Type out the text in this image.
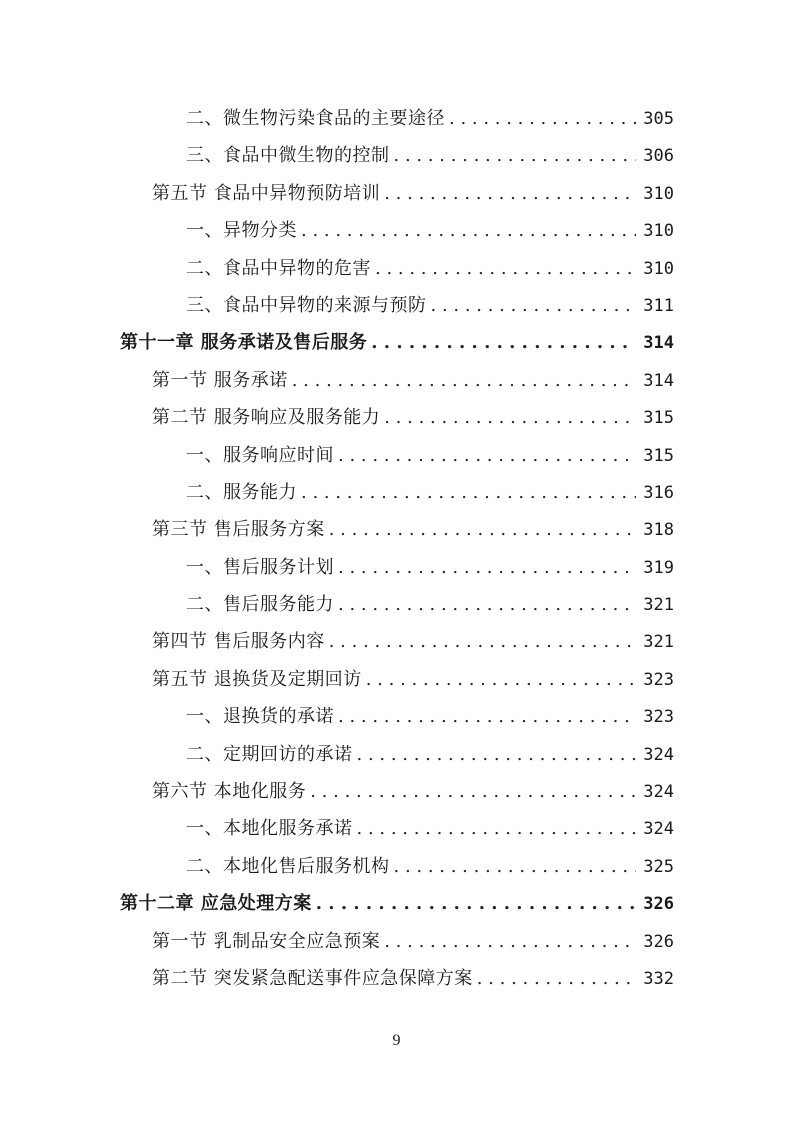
二、微生物污染食品的主要途径 . . .	305
三、食品中微生物的控制 . . .	306
第五节 食品中异物预防培训 . . .	310
一、异物分类 . . .	310
二、食品中异物的危害 . . .	310
三、食品中异物的来源与预防 . . .	311
第十一章 服务承诺及售后服务 . . .	314
第一节 服务承诺 . . .	314
第二节 服务响应及服务能力 . . .	315
一、服务响应时间 . . .	315
二、服务能力 . . .	316
第三节 售后服务方案 . . .	318
一、售后服务计划 . . .	319
二、售后服务能力 . . .	321
第四节 售后服务内容 . . .	321
第五节 退换货及定期回访 . . .	323
一、退换货的承诺 . . .	323
二、定期回访的承诺 . . .	324
第六节 本地化服务 . . .	324
一、本地化服务承诺 . . .	324
二、本地化售后服务机构 . . .	325
第十二章 应急处理方案 . . .	326
第一节 乳制品安全应急预案 . . .	326
第二节 突发紧急配送事件应急保障方案 . . .	332
9
